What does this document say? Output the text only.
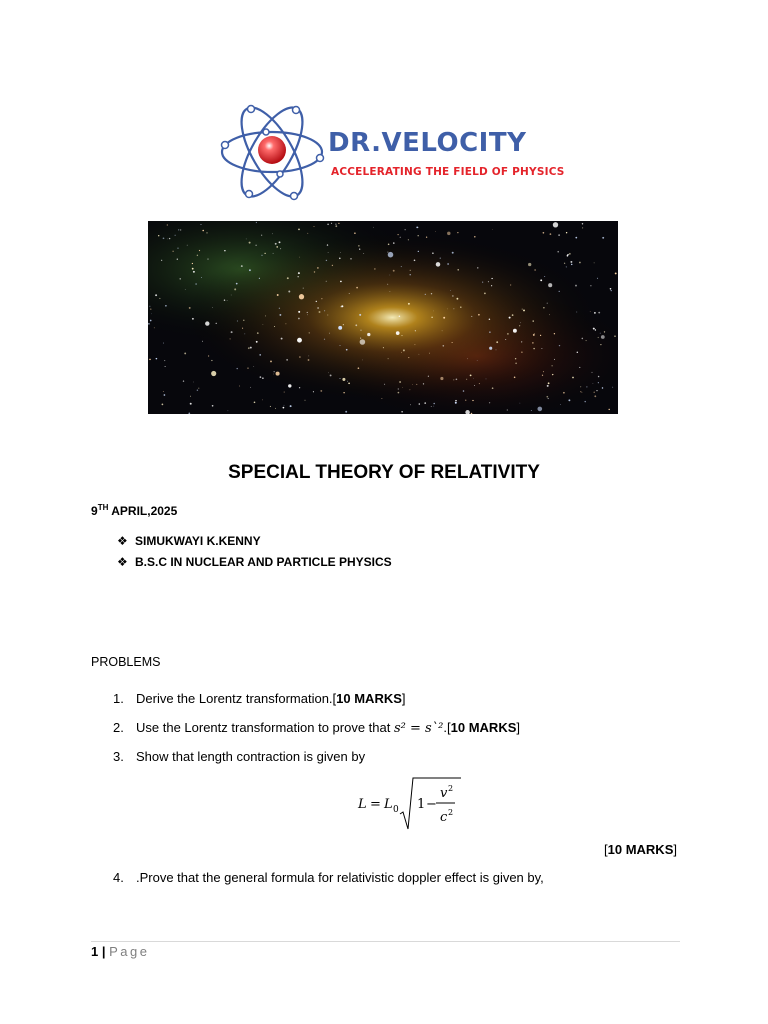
DR.VELOCITY
ACCELERATING THE FIELD OF PHYSICS
SPECIAL THEORY OF RELATIVITY
9TH APRIL,2025
❖ SIMUKWAYI K.KENNY
❖ B.S.C IN NUCLEAR AND PARTICLE PHYSICS
PROBLEMS
1. Derive the Lorentz transformation.[10 MARKS]
2. Use the Lorentz transformation to prove that s² = s`².[10 MARKS]
3. Show that length contraction is given by
L = L 0 1 −
v 2
c 2
[10 MARKS]
4. .Prove that the general formula for relativistic doppler effect is given by,
1 | Page
